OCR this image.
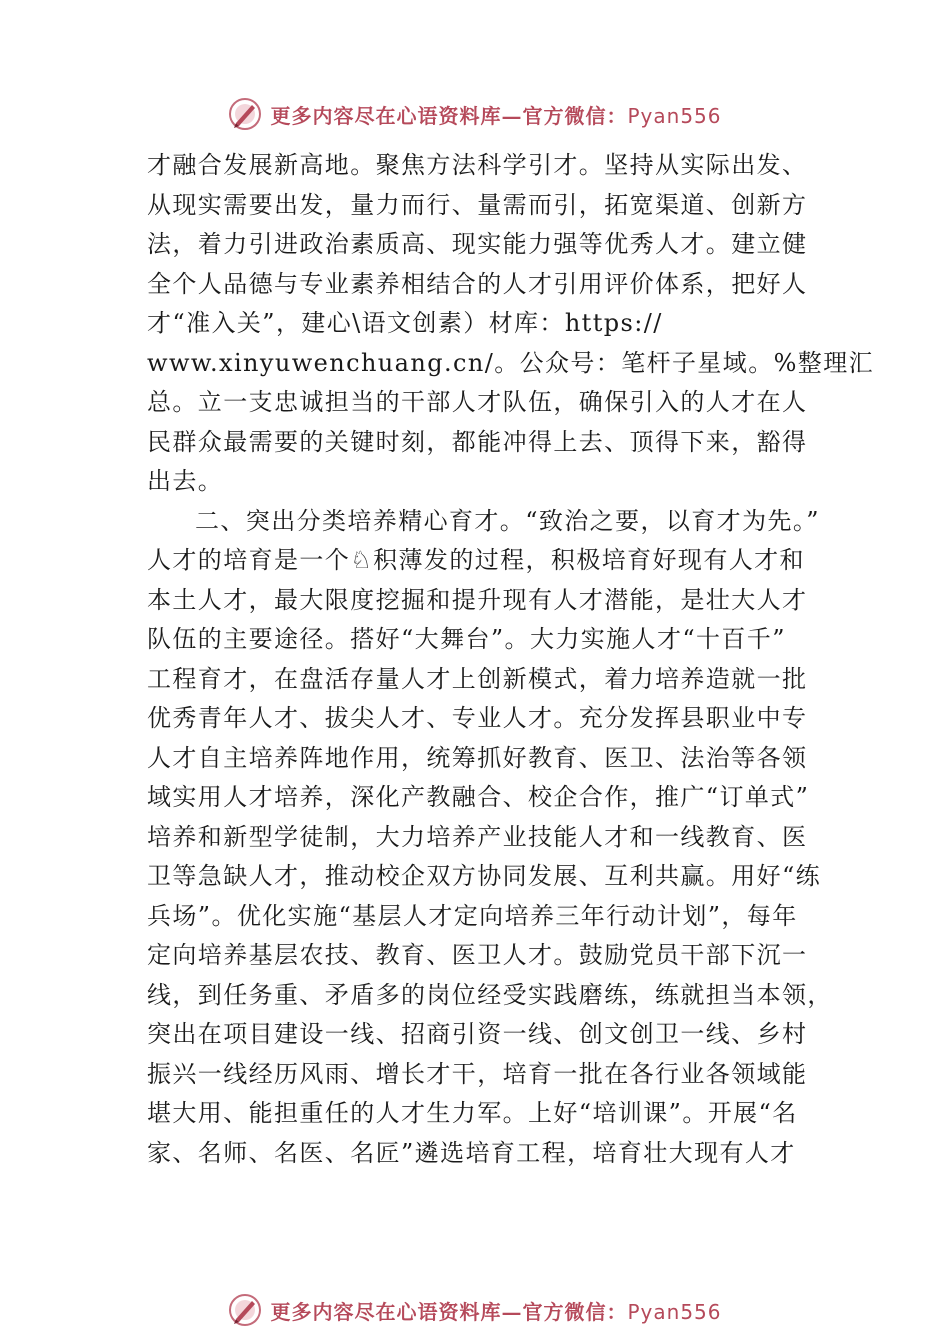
更多内容尽在心语资料库—官方微信：Pyan556
才融合发展新高地。聚焦方法科学引才。坚持从实际出发、
从现实需要出发，量力而行、量需而引，拓宽渠道、创新方
法，着力引进政治素质高、现实能力强等优秀人才。建立健
全个人品德与专业素养相结合的人才引用评价体系，把好人
才“准入关”，建心\语文创素）材库：https://
www.xinyuwenchuang.cn/。公众号：笔杆子星域。%整理汇
总。立一支忠诚担当的干部人才队伍，确保引入的人才在人
民群众最需要的关键时刻，都能冲得上去、顶得下来，豁得
出去。
二、突出分类培养精心育才。“致治之要，以育才为先。”
人才的培育是一个♘积薄发的过程，积极培育好现有人才和
本土人才，最大限度挖掘和提升现有人才潜能，是壮大人才
队伍的主要途径。搭好“大舞台”。大力实施人才“十百千”
工程育才，在盘活存量人才上创新模式，着力培养造就一批
优秀青年人才、拔尖人才、专业人才。充分发挥县职业中专
人才自主培养阵地作用，统筹抓好教育、医卫、法治等各领
域实用人才培养，深化产教融合、校企合作，推广“订单式”
培养和新型学徒制，大力培养产业技能人才和一线教育、医
卫等急缺人才，推动校企双方协同发展、互利共赢。用好“练
兵场”。优化实施“基层人才定向培养三年行动计划”，每年
定向培养基层农技、教育、医卫人才。鼓励党员干部下沉一
线，到任务重、矛盾多的岗位经受实践磨练，练就担当本领，
突出在项目建设一线、招商引资一线、创文创卫一线、乡村
振兴一线经历风雨、增长才干，培育一批在各行业各领域能
堪大用、能担重任的人才生力军。上好“培训课”。开展“名
家、名师、名医、名匠”遴选培育工程，培育壮大现有人才
更多内容尽在心语资料库—官方微信：Pyan556
